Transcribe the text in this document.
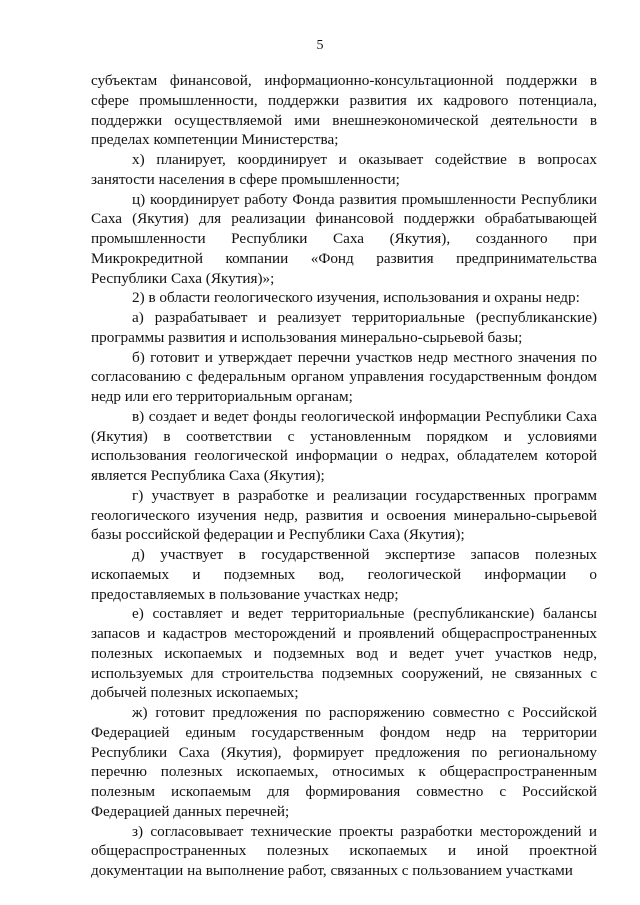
5

субъектам финансовой, информационно-консультационной поддержки в сфере промышленности, поддержки развития их кадрового потенциала, поддержки осуществляемой ими внешнеэкономической деятельности в пределах компетенции Министерства;

х) планирует, координирует и оказывает содействие в вопросах занятости населения в сфере промышленности;

ц) координирует работу Фонда развития промышленности Республики Саха (Якутия) для реализации финансовой поддержки обрабатывающей промышленности Республики Саха (Якутия), созданного при Микрокредитной компании «Фонд развития предпринимательства Республики Саха (Якутия)»;

2) в области геологического изучения, использования и охраны недр:

а) разрабатывает и реализует территориальные (республиканские) программы развития и использования минерально-сырьевой базы;

б) готовит и утверждает перечни участков недр местного значения по согласованию с федеральным органом управления государственным фондом недр или его территориальным органам;

в) создает и ведет фонды геологической информации Республики Саха (Якутия) в соответствии с установленным порядком и условиями использования геологической информации о недрах, обладателем которой является Республика Саха (Якутия);

г) участвует в разработке и реализации государственных программ геологического изучения недр, развития и освоения минерально-сырьевой базы российской федерации и Республики Саха (Якутия);

д) участвует в государственной экспертизе запасов полезных ископаемых и подземных вод, геологической информации о предоставляемых в пользование участках недр;

е) составляет и ведет территориальные (республиканские) балансы запасов и кадастров месторождений и проявлений общераспространенных полезных ископаемых и подземных вод и ведет учет участков недр, используемых для строительства подземных сооружений, не связанных с добычей полезных ископаемых;

ж) готовит предложения по распоряжению совместно с Российской Федерацией единым государственным фондом недр на территории Республики Саха (Якутия), формирует предложения по региональному перечню полезных ископаемых, относимых к общераспространенным полезным ископаемым для формирования совместно с Российской Федерацией данных перечней;

з) согласовывает технические проекты разработки месторождений и общераспространенных полезных ископаемых и иной проектной документации на выполнение работ, связанных с пользованием участками
